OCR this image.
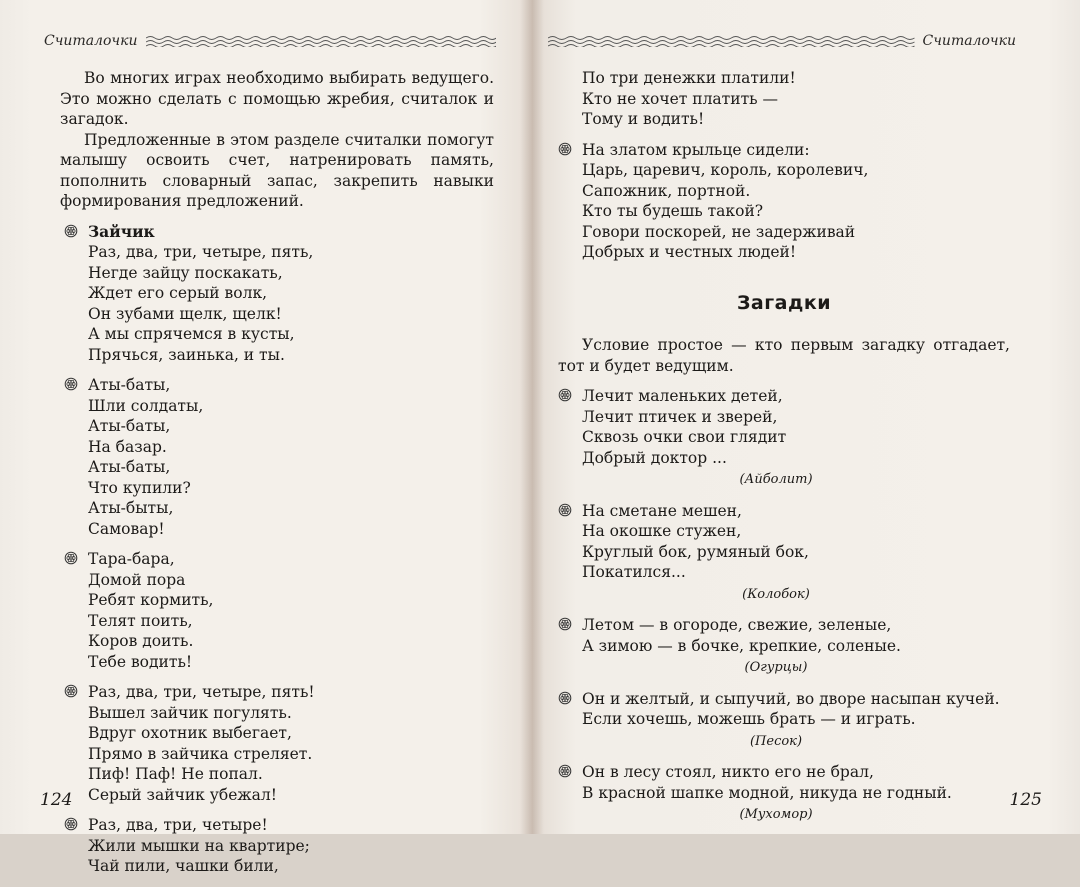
Считалочки

Во многих играх необходимо выбирать ведущего. Это можно сделать с помощью жребия, считалок и загадок.

Предложенные в этом разделе считалки помогут малышу освоить счет, натренировать память, пополнить словарный запас, закрепить навыки формирования предложений.

Зайчик
Раз, два, три, четыре, пять,
Негде зайцу поскакать,
Ждет его серый волк,
Он зубами щелк, щелк!
А мы спрячемся в кусты,
Прячься, заинька, и ты.
Аты-баты,
Шли солдаты,
Аты-баты,
На базар.
Аты-баты,
Что купили?
Аты-быты,
Самовар!
Тара-бара,
Домой пора
Ребят кормить,
Телят поить,
Коров доить.
Тебе водить!
Раз, два, три, четыре, пять!
Вышел зайчик погулять.
Вдруг охотник выбегает,
Прямо в зайчика стреляет.
Пиф! Паф! Не попал.
Серый зайчик убежал!
Раз, два, три, четыре!
Жили мышки на квартире;
Чай пили, чашки били,
124
Считалочки
По три денежки платили!
Кто не хочет платить —
Тому и водить!
На златом крыльце сидели:
Царь, царевич, король, королевич,
Сапожник, портной.
Кто ты будешь такой?
Говори поскорей, не задерживай
Добрых и честных людей!
Загадки

Условие простое — кто первым загадку отгадает, тот и будет ведущим.

Лечит маленьких детей,
Лечит птичек и зверей,
Сквозь очки свои глядит
Добрый доктор ...
(Айболит)
На сметане мешен,
На окошке стужен,
Круглый бок, румяный бок,
Покатился...
(Колобок)
Летом — в огороде, свежие, зеленые,
А зимою — в бочке, крепкие, соленые.
(Огурцы)
Он и желтый, и сыпучий, во дворе насыпан кучей.
Если хочешь, можешь брать — и играть.
(Песок)
Он в лесу стоял, никто его не брал,
В красной шапке модной, никуда не годный.
(Мухомор)
125
